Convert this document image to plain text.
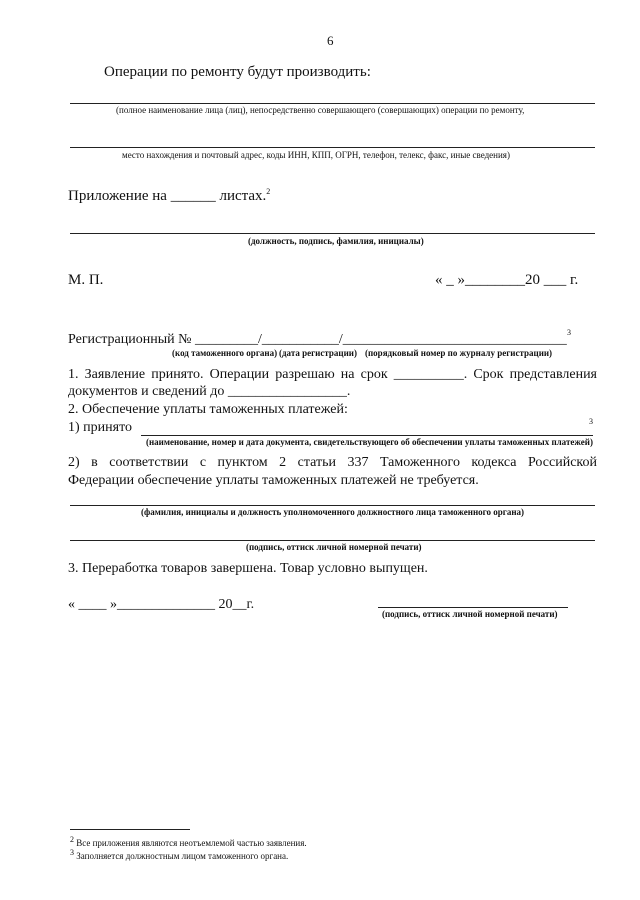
6
Операции по ремонту будут производить:
(полное наименование лица (лиц), непосредственно совершающего (совершающих) операции по ремонту,
место нахождения и почтовый адрес, коды ИНН, КПП, ОГРН, телефон, телекс, факс, иные сведения)
Приложение на ______ листах.$^2$
(должность, подпись, фамилия, инициалы)
М. П.	« _ »________20 ___ г.
Регистрационный № _________/___________/________________________________ 3
(код таможенного органа) (дата регистрации) (порядковый номер по журналу регистрации)
1. Заявление принято. Операции разрешаю на срок __________. Срок представления
документов и сведений до _________________.
2. Обеспечение уплаты таможенных платежей:
1) принято	3
(наименование, номер и дата документа, свидетельствующего об обеспечении уплаты таможенных платежей)
2) в соответствии с пунктом 2 статьи 337 Таможенного кодекса Российской
Федерации обеспечение уплаты таможенных платежей не требуется.
(фамилия, инициалы и должность уполномоченного должностного лица таможенного органа)
(подпись, оттиск личной номерной печати)
3. Переработка товаров завершена. Товар условно выпущен.
« ____ »______________ 20__г.
(подпись, оттиск личной номерной печати)
$^2$ Все приложения являются неотъемлемой частью заявления.
$^3$ Заполняется должностным лицом таможенного органа.
